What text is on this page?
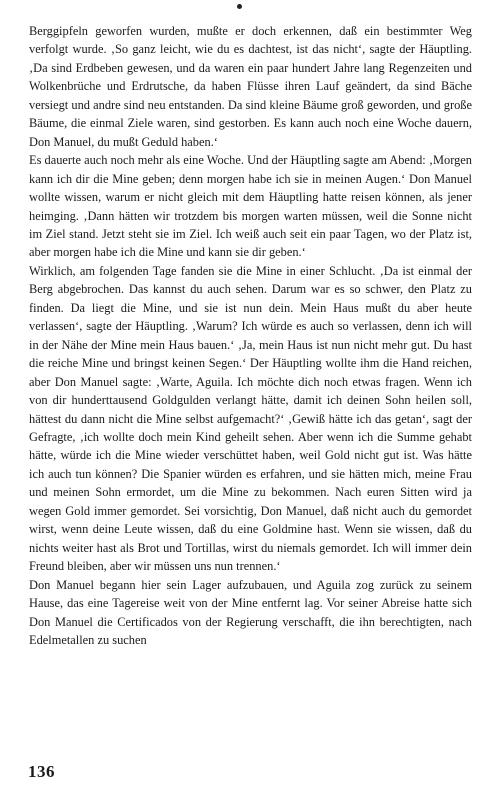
Berggipfeln geworfen wurden, mußte er doch erkennen, daß ein bestimmter Weg verfolgt wurde. ‚So ganz leicht, wie du es dachtest, ist das nicht‘, sagte der Häuptling. ‚Da sind Erdbeben gewesen, und da waren ein paar hundert Jahre lang Regenzeiten und Wolkenbrüche und Erdrutsche, da haben Flüsse ihren Lauf geändert, da sind Bäche versiegt und andre sind neu entstanden. Da sind kleine Bäume groß geworden, und große Bäume, die einmal Ziele waren, sind gestorben. Es kann auch noch eine Woche dauern, Don Manuel, du mußt Geduld haben.‘

Es dauerte auch noch mehr als eine Woche. Und der Häuptling sagte am Abend: ‚Morgen kann ich dir die Mine geben; denn morgen habe ich sie in meinen Augen.‘ Don Manuel wollte wissen, warum er nicht gleich mit dem Häuptling hatte reisen können, als jener heimging. ‚Dann hätten wir trotzdem bis morgen warten müssen, weil die Sonne nicht im Ziel stand. Jetzt steht sie im Ziel. Ich weiß auch seit ein paar Tagen, wo der Platz ist, aber morgen habe ich die Mine und kann sie dir geben.‘

Wirklich, am folgenden Tage fanden sie die Mine in einer Schlucht. ‚Da ist einmal der Berg abgebrochen. Das kannst du auch sehen. Darum war es so schwer, den Platz zu finden. Da liegt die Mine, und sie ist nun dein. Mein Haus mußt du aber heute verlassen‘, sagte der Häuptling. ‚Warum? Ich würde es auch so verlassen, denn ich will in der Nähe der Mine mein Haus bauen.‘ ‚Ja, mein Haus ist nun nicht mehr gut. Du hast die reiche Mine und bringst keinen Segen.‘ Der Häuptling wollte ihm die Hand reichen, aber Don Manuel sagte: ‚Warte, Aguila. Ich möchte dich noch etwas fragen. Wenn ich von dir hunderttausend Goldgulden verlangt hätte, damit ich deinen Sohn heilen soll, hättest du dann nicht die Mine selbst aufgemacht?‘ ‚Gewiß hätte ich das getan‘, sagt der Gefragte, ‚ich wollte doch mein Kind geheilt sehen. Aber wenn ich die Summe gehabt hätte, würde ich die Mine wieder verschüttet haben, weil Gold nicht gut ist. Was hätte ich auch tun können? Die Spanier würden es erfahren, und sie hätten mich, meine Frau und meinen Sohn ermordet, um die Mine zu bekommen. Nach euren Sitten wird ja wegen Gold immer gemordet. Sei vorsichtig, Don Manuel, daß nicht auch du gemordet wirst, wenn deine Leute wissen, daß du eine Goldmine hast. Wenn sie wissen, daß du nichts weiter hast als Brot und Tortillas, wirst du niemals gemordet. Ich will immer dein Freund bleiben, aber wir müssen uns nun trennen.‘

Don Manuel begann hier sein Lager aufzubauen, und Aguila zog zurück zu seinem Hause, das eine Tagereise weit von der Mine entfernt lag. Vor seiner Abreise hatte sich Don Manuel die Certificados von der Regierung verschafft, die ihn berechtigten, nach Edelmetallen zu suchen

136
